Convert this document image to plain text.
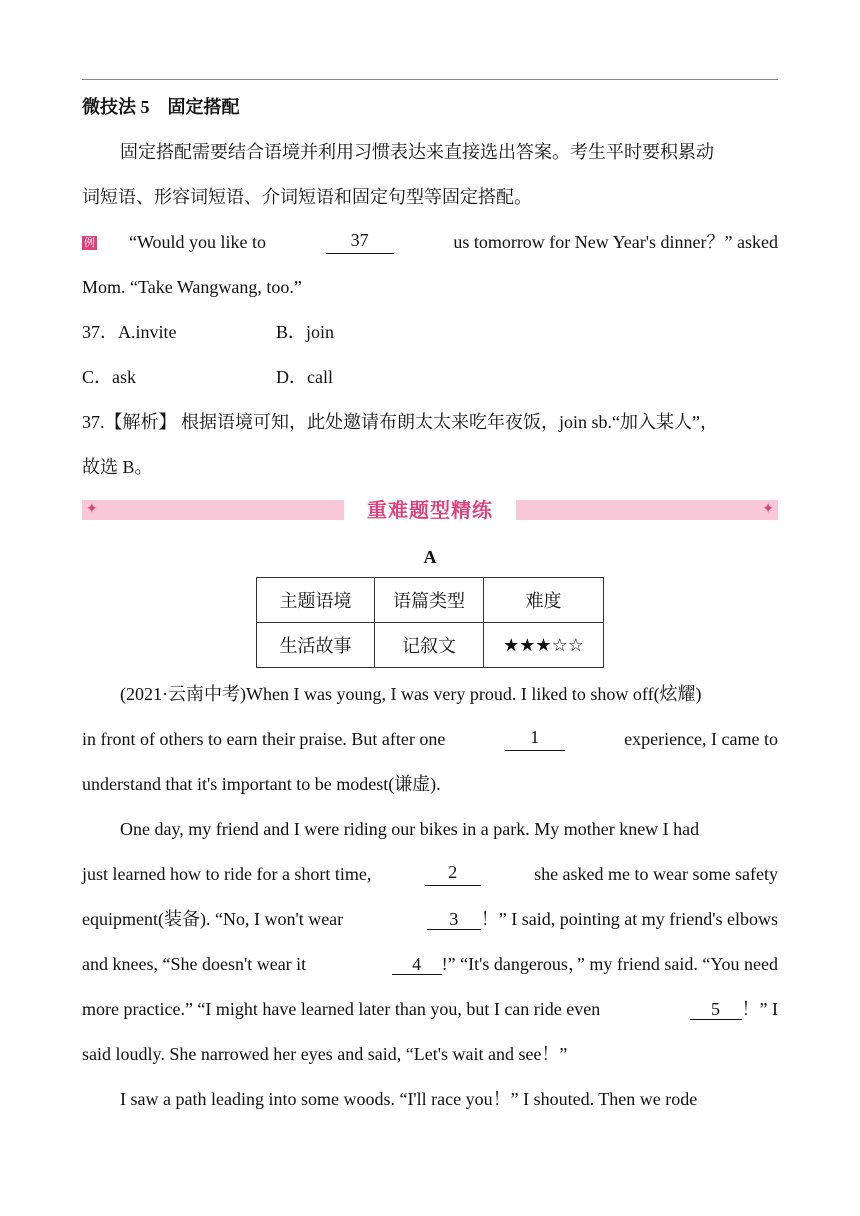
微技法 5　固定搭配
固定搭配需要结合语境并利用习惯表达来直接选出答案。考生平时要积累动
词短语、形容词短语、介词短语和固定句型等固定搭配。
例 “Would you like to	37	us tomorrow for New Year's dinner？” asked
Mom. “Take Wangwang, too.”
37．A.invite	B．join
C．ask	D．call
37.【解析】 根据语境可知，此处邀请布朗太太来吃年夜饭，join sb.“加入某人”，
故选 B。
✦	✦
重难题型精练
A
主题语境	语篇类型	难度
生活故事	记叙文	★★★☆☆
(2021·云南中考)When I was young, I was very proud. I liked to show off(炫耀)
in front of others to earn their praise. But after one	1	experience, I came to
understand that it's important to be modest(谦虚).
One day, my friend and I were riding our bikes in a park. My mother knew I had
just learned how to ride for a short time,	2	she asked me to wear some safety
equipment(装备). “No, I won't wear	3 ！” I said, pointing at my friend's elbows
and knees, “She doesn't wear it	4 !” “It's dangerous，” my friend said. “You need
more practice.” “I might have learned later than you, but I can ride even	5 ！” I
said loudly. She narrowed her eyes and said, “Let's wait and see！”
I saw a path leading into some woods. “I'll race you！” I shouted. Then we rode
